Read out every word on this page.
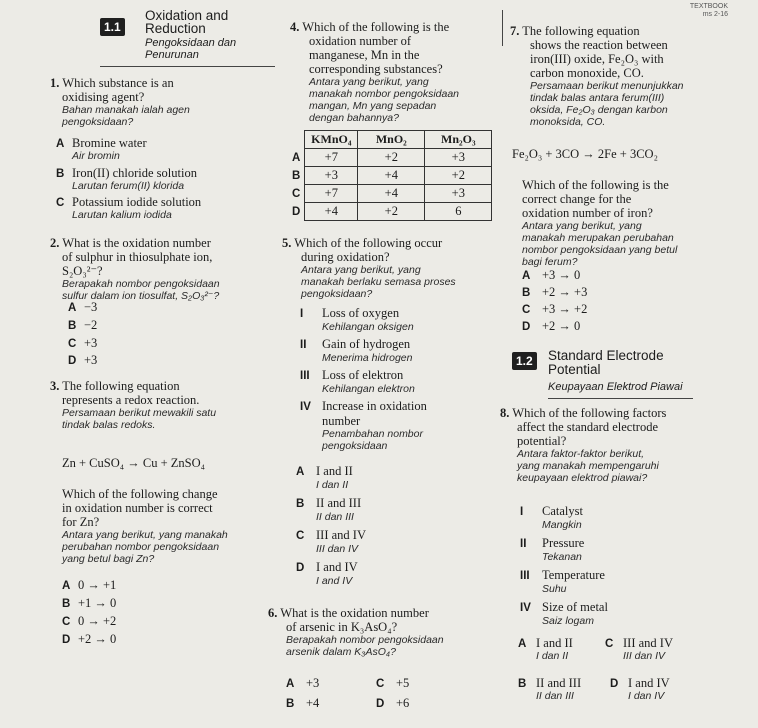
TEXTBOOK
ms 2-16
1.1
Oxidation and
Reduction
Pengoksidaan dan
Penurunan
1. Which substance is an
oxidising agent?
Bahan manakah ialah agen
pengoksidaan?
A Bromine water
Air bromin
B Iron(II) chloride solution
Larutan ferum(II) klorida
C Potassium iodide solution
Larutan kalium iodida
2. What is the oxidation number
of sulphur in thiosulphate ion,
S₂O₃²⁻?
Berapakah nombor pengoksidaan
sulfur dalam ion tiosulfat, S₂O₃²⁻?
A −3
B −2
C +3
D +3
3. The following equation
represents a redox reaction.
Persamaan berikut mewakili satu
tindak balas redoks.
Zn + CuSO₄ → Cu + ZnSO₄
Which of the following change
in oxidation number is correct
for Zn?
Antara yang berikut, yang manakah
perubahan nombor pengoksidaan
yang betul bagi Zn?
A 0 → +1
B +1 → 0
C 0 → +2
D +2 → 0
4. Which of the following is the
oxidation number of
manganese, Mn in the
corresponding substances?
Antara yang berikut, yang
manakah nombor pengoksidaan
mangan, Mn yang sepadan
dengan bahannya?
	KMnO₄	MnO₂	Mn₂O₃
A	+7	+2	+3
B	+3	+4	+2
C	+7	+4	+3
D	+4	+2	6
5. Which of the following occur
during oxidation?
Antara yang berikut, yang
manakah berlaku semasa proses
pengoksidaan?
I Loss of oxygen
Kehilangan oksigen
II Gain of hydrogen
Menerima hidrogen
III Loss of elektron
Kehilangan elektron
IV Increase in oxidation
number
Penambahan nombor
pengoksidaan
A I and II
I dan II
B II and III
II dan III
C III and IV
III dan IV
D I and IV
I and IV
6. What is the oxidation number
of arsenic in K₃AsO₄?
Berapakah nombor pengoksidaan
arsenik dalam K₃AsO₄?
A +3
B +4
C +5
D +6
7. The following equation
shows the reaction between
iron(III) oxide, Fe₂O₃ with
carbon monoxide, CO.
Persamaan berikut menunjukkan
tindak balas antara ferum(III)
oksida, Fe₂O₃ dengan karbon
monoksida, CO.
Fe₂O₃ + 3CO → 2Fe + 3CO₂
Which of the following is the
correct change for the
oxidation number of iron?
Antara yang berikut, yang
manakah merupakan perubahan
nombor pengoksidaan yang betul
bagi ferum?
A +3 → 0
B +2 → +3
C +3 → +2
D +2 → 0
1.2 Standard Electrode
Potential
Keupayaan Elektrod Piawai
8. Which of the following factors
affect the standard electrode
potential?
Antara faktor-faktor berikut,
yang manakah mempengaruhi
keupayaan elektrod piawai?
I Catalyst
Mangkin
II Pressure
Tekanan
III Temperature
Suhu
IV Size of metal
Saiz logam
A I and II
I dan II
C III and IV
III dan IV
B II and III
II dan III
D I and IV
I dan IV
